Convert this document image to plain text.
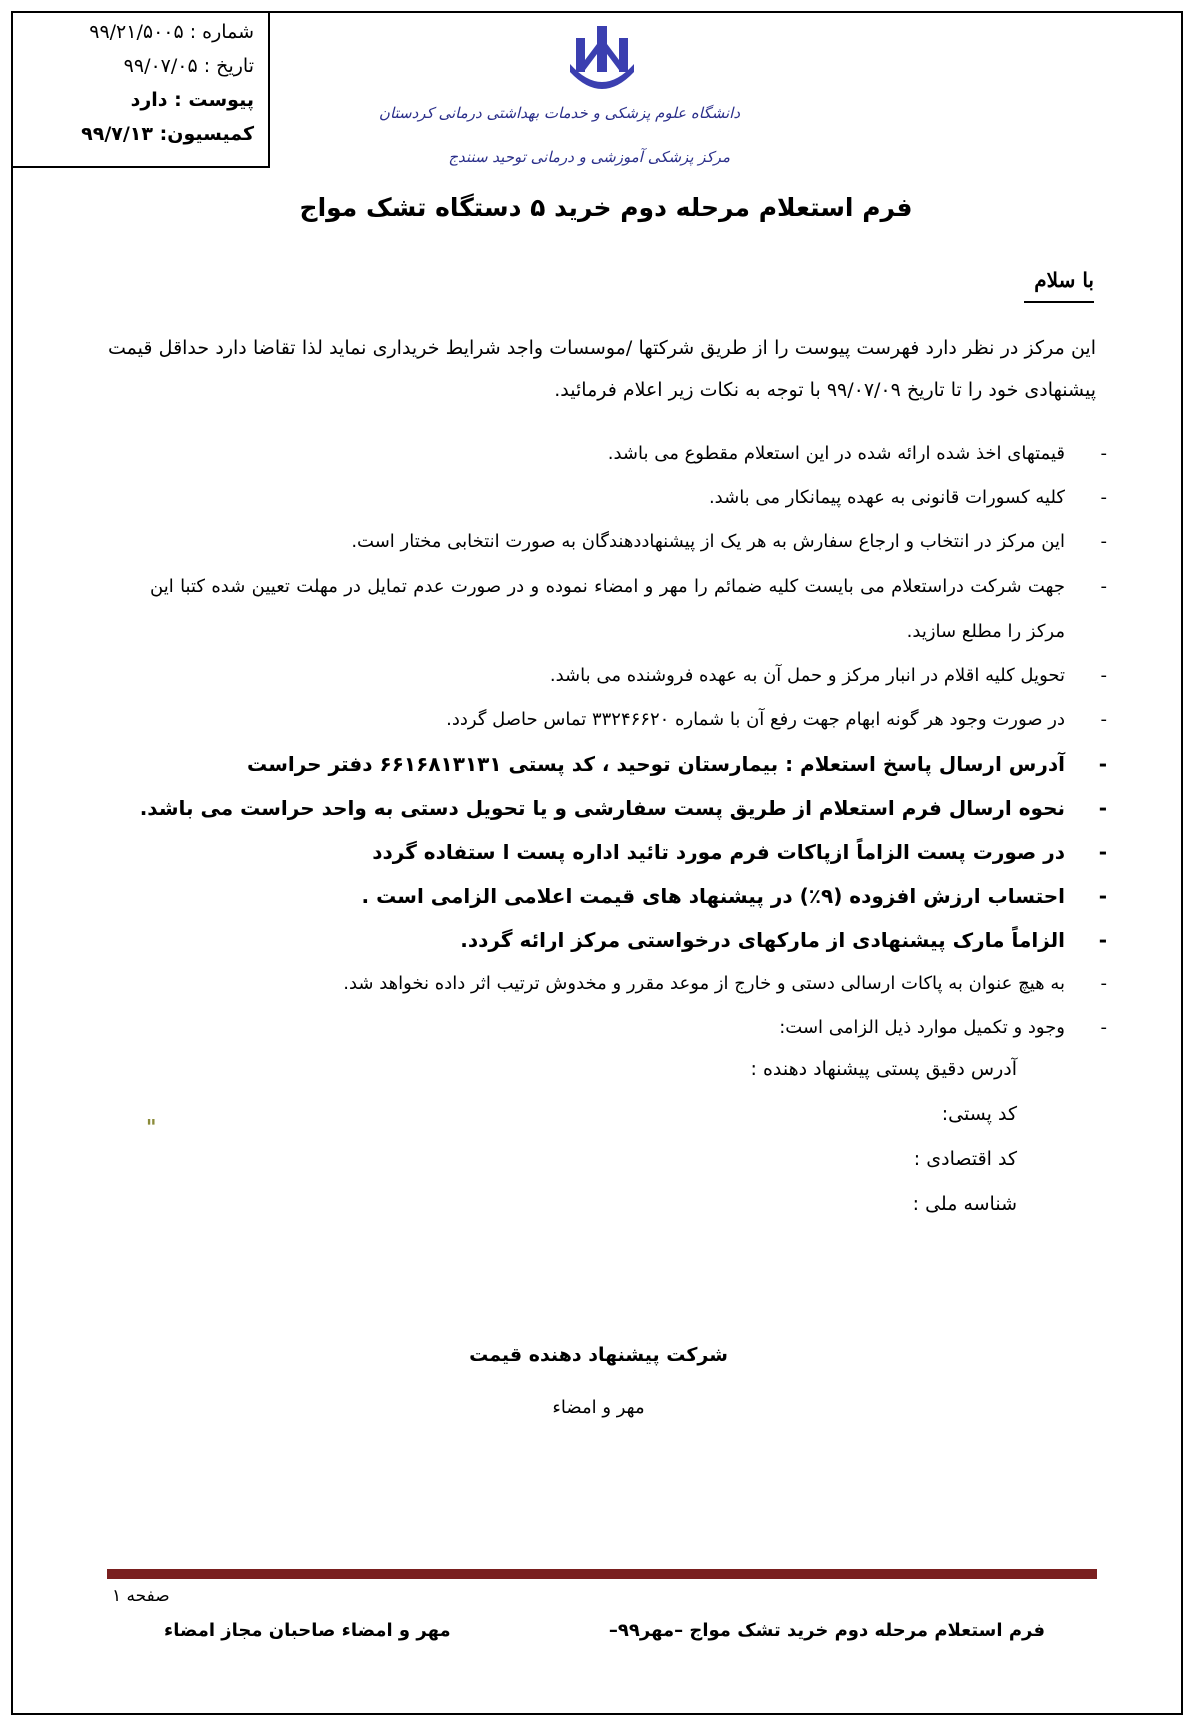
شماره : ۹۹/۲۱/۵۰۰۵
تاریخ : ۹۹/۰۷/۰۵
پیوست : دارد
کمیسیون: ۹۹/۷/۱۳
دانشگاه علوم پزشکی و خدمات بهداشتی درمانی کردستان
مرکز پزشکی آموزشی و درمانی توحید سنندج
فرم استعلام مرحله دوم خرید ۵ دستگاه تشک مواج
با سلام
این مرکز در نظر دارد فهرست پیوست را از طریق شرکتها /موسسات واجد شرایط خریداری نماید لذا تقاضا دارد حداقل قیمت پیشنهادی خود را تا تاریخ ۹۹/۰۷/۰۹ با توجه به نکات زیر اعلام فرمائید.
-
قیمتهای اخذ شده ارائه شده در این استعلام مقطوع می باشد.
-
کلیه کسورات قانونی به عهده پیمانکار می باشد.
-
این مرکز در انتخاب و ارجاع سفارش به هر یک از پیشنهاددهندگان به صورت انتخابی مختار است.
-
جهت شرکت دراستعلام می بایست کلیه ضمائم را مهر و امضاء نموده و در صورت عدم تمایل در مهلت تعیین شده کتبا این مرکز را مطلع سازید.
-
تحویل کلیه اقلام در انبار مرکز و حمل آن به عهده فروشنده می باشد.
-
در صورت وجود هر گونه ابهام جهت رفع آن با شماره ۳۳۲۴۶۶۲۰ تماس حاصل گردد.
-
آدرس ارسال پاسخ استعلام : بیمارستان توحید ، کد پستی ۶۶۱۶۸۱۳۱۳۱ دفتر حراست
-
نحوه ارسال فرم استعلام از طریق پست سفارشی و یا تحویل دستی به واحد حراست می باشد.
-
در صورت پست الزاماً ازپاکات فرم مورد تائید اداره پست ا ستفاده گردد
-
احتساب ارزش افزوده (۹٪) در پیشنهاد های قیمت اعلامی الزامی است .
-
الزاماً مارک پیشنهادی از مارکهای درخواستی مرکز ارائه گردد.
-
به هیچ عنوان به پاکات ارسالی دستی و خارج از موعد مقرر و مخدوش ترتیب اثر داده نخواهد شد.
-
وجود و تکمیل موارد ذیل الزامی است:
آدرس دقیق پستی پیشنهاد دهنده :
کد پستی:
کد اقتصادی :
شناسه ملی :
"
شرکت پیشنهاد دهنده قیمت
مهر و امضاء
صفحه ۱
فرم استعلام مرحله دوم خرید تشک مواج –مهر۹۹–
مهر و امضاء صاحبان مجاز امضاء
